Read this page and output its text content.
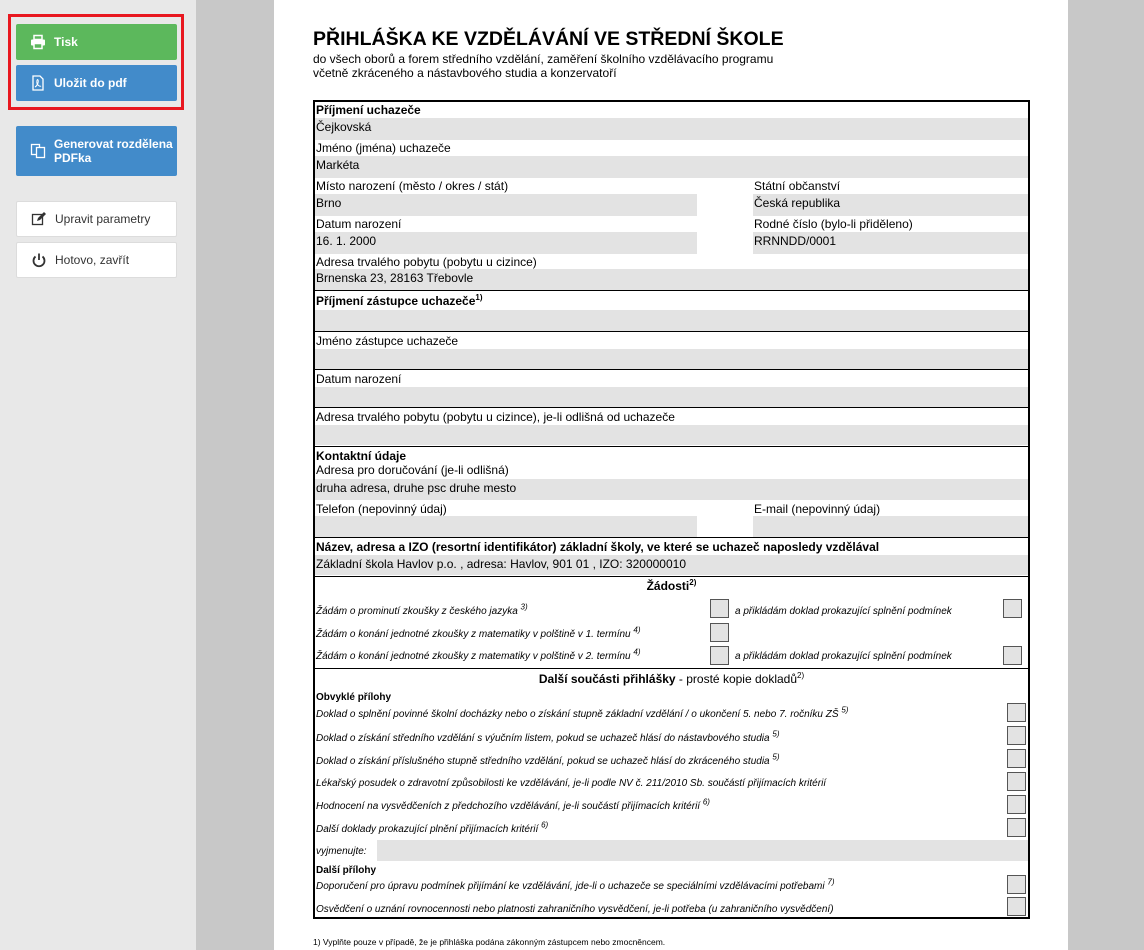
Tisk
Uložit do pdf
Generovat rozdělena
PDFka
Upravit parametry
Hotovo, zavřít
PŘIHLÁŠKA KE VZDĚLÁVÁNÍ VE STŘEDNÍ ŠKOLE
do všech oborů a forem středního vzdělání, zaměření školního vzdělávacího programu
včetně zkráceného a nástavbového studia a konzervatoří
Příjmení uchazeče
Čejkovská
Jméno (jména) uchazeče
Markéta
Místo narození (město / okres / stát)	Státní občanství
Brno	Česká republika
Datum narození	Rodné číslo (bylo-li přiděleno)
16. 1. 2000	RRNNDD/0001
Adresa trvalého pobytu (pobytu u cizince)
Brnenska 23, 28163 Třebovle
Příjmení zástupce uchazeče$^{1)}$
Jméno zástupce uchazeče
Datum narození
Adresa trvalého pobytu (pobytu u cizince), je-li odlišná od uchazeče
Kontaktní údaje
Adresa pro doručování (je-li odlišná)
druha adresa, druhe psc druhe mesto
Telefon (nepovinný údaj)	E-mail (nepovinný údaj)
Název, adresa a IZO (resortní identifikátor) základní školy, ve které se uchazeč naposledy vzdělával
Základní škola Havlov p.o. , adresa: Havlov, 901 01 , IZO: 320000010
Žádosti$^{2)}$
Žádám o prominutí zkoušky z českého jazyka $^{3)}$	a přikládám doklad prokazující splnění podmínek
Žádám o konání jednotné zkoušky z matematiky v polštině v 1. termínu $^{4)}$
Žádám o konání jednotné zkoušky z matematiky v polštině v 2. termínu $^{4)}$	a přikládám doklad prokazující splnění podmínek
Další součásti přihlášky - prosté kopie dokladů$^{2)}$
Obvyklé přílohy
Doklad o splnění povinné školní docházky nebo o získání stupně základní vzdělání / o ukončení 5. nebo 7. ročníku ZŠ $^{5)}$
Doklad o získání středního vzdělání s výučním listem, pokud se uchazeč hlásí do nástavbového studia $^{5)}$
Doklad o získání příslušného stupně středního vzdělání, pokud se uchazeč hlásí do zkráceného studia $^{5)}$
Lékařský posudek o zdravotní způsobilosti ke vzdělávání, je-li podle NV č. 211/2010 Sb. součástí přijímacích kritérií
Hodnocení na vysvědčeních z předchozího vzdělávání, je-li součástí přijímacích kritérií $^{6)}$
Další doklady prokazující plnění přijímacích kritérií $^{6)}$
vyjmenujte:
Další přílohy
Doporučení pro úpravu podmínek přijímání ke vzdělávání, jde-li o uchazeče se speciálními vzdělávacími potřebami $^{7)}$
Osvědčení o uznání rovnocennosti nebo platnosti zahraničního vysvědčení, je-li potřeba (u zahraničního vysvědčení)
1) Vyplňte pouze v případě, že je přihláška podána zákonným zástupcem nebo zmocněncem.
